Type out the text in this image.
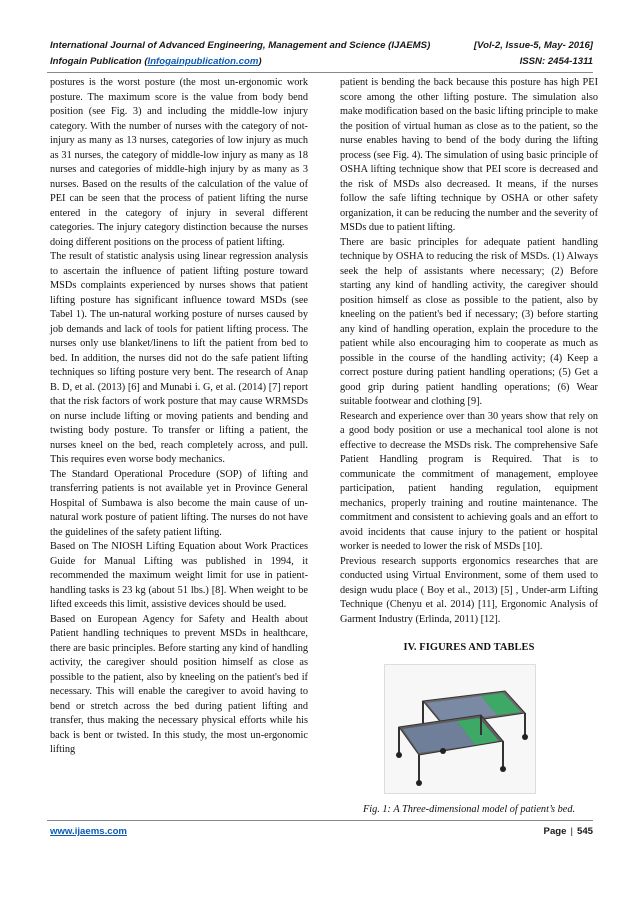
International Journal of Advanced Engineering, Management and Science (IJAEMS)	[Vol-2, Issue-5, May- 2016]
Infogain Publication (Infogainpublication.com)	ISSN: 2454-1311

postures is the worst posture (the most un-ergonomic work posture. The maximum score is the value from body bend position (see Fig. 3) and including the middle-low injury category. With the number of nurses with the category of not-injury as many as 13 nurses, categories of low injury as much as 31 nurses, the category of middle-low injury as many as 18 nurses and categories of middle-high injury by as many as 3 nurses. Based on the results of the calculation of the value of PEI can be seen that the process of patient lifting the nurse entered in the category of injury in several different categories. The injury category distinction because the nurses doing different positions on the process of patient lifting.

The result of statistic analysis using linear regression analysis to ascertain the influence of patient lifting posture toward MSDs complaints experienced by nurses shows that patient lifting posture has significant influence toward MSDs (see Tabel 1). The un-natural working posture of nurses caused by job demands and lack of tools for patient lifting process. The nurses only use blanket/linens to lift the patient from bed to bed. In addition, the nurses did not do the safe patient lifting techniques so lifting posture very bent. The research of Anap B. D, et al. (2013) [6] and Munabi i. G, et al. (2014) [7] report that the risk factors of work posture that may cause WRMSDs on nurse include lifting or moving patients and bending and twisting body posture. To transfer or lifting a patient, the nurses kneel on the bed, reach completely across, and pull. This requires even worse body mechanics.

The Standard Operational Procedure (SOP) of lifting and transferring patients is not available yet in Province General Hospital of Sumbawa is also become the main cause of un-natural work posture of patient lifting. The nurses do not have the guidelines of the safety patient lifting.

Based on The NIOSH Lifting Equation about Work Practices Guide for Manual Lifting was published in 1994, it recommended the maximum weight limit for use in patient-handling tasks is 23 kg (about 51 lbs.) [8]. When weight to be lifted exceeds this limit, assistive devices should be used.

Based on European Agency for Safety and Health about Patient handling techniques to prevent MSDs in healthcare, there are basic principles. Before starting any kind of handling activity, the caregiver should position himself as close as possible to the patient, also by kneeling on the patient's bed if necessary. This will enable the caregiver to avoid having to bend or stretch across the bed during patient lifting and transfer, thus making the necessary physical efforts while his back is bent or twisted. In this study, the most un-ergonomic lifting

patient is bending the back because this posture has high PEI score among the other lifting posture. The simulation also make modification based on the basic lifting principle to make the position of virtual human as close as to the patient, so the nurse enables having to bend of the body during the lifting process (see Fig. 4). The simulation of using basic principle of OSHA lifting technique show that PEI score is decreased and the risk of MSDs also decreased. It means, if the nurses follow the safe lifting technique by OSHA or other safety organization, it can be reducing the number and the severity of MSDs due to patient lifting.

There are basic principles for adequate patient handling technique by OSHA to reducing the risk of MSDs. (1) Always seek the help of assistants where necessary; (2) Before starting any kind of handling activity, the caregiver should position himself as close as possible to the patient, also by kneeling on the patient's bed if necessary; (3) before starting any kind of handling operation, explain the procedure to the patient while also encouraging him to cooperate as much as possible in the course of the handling activity; (4) Keep a correct posture during patient handling operations; (5) Get a good grip during patient handling operations; (6) Wear suitable footwear and clothing [9].

Research and experience over than 30 years show that rely on a good body position or use a mechanical tool alone is not effective to decrease the MSDs risk. The comprehensive Safe Patient Handling program is Required. That is to communicate the commitment of management, employee participation, patient handing regulation, equipment mechanics, properly training and routine maintenance. The commitment and consistent to achieving goals and an effort to avoid incidents that cause injury to the patient or hospital worker is needed to lower the risk of MSDs [10].

Previous research supports ergonomics researches that are conducted using Virtual Environment, some of them used to design wudu place ( Boy et al., 2013) [5] , Under-arm Lifting Technique (Chenyu et al. 2014) [11], Ergonomic Analysis of Garment Industry (Erlinda, 2011) [12].

IV. FIGURES AND TABLES
Fig. 1: A Three-dimensional model of patient’s bed.
www.ijaems.com	Page | 545
